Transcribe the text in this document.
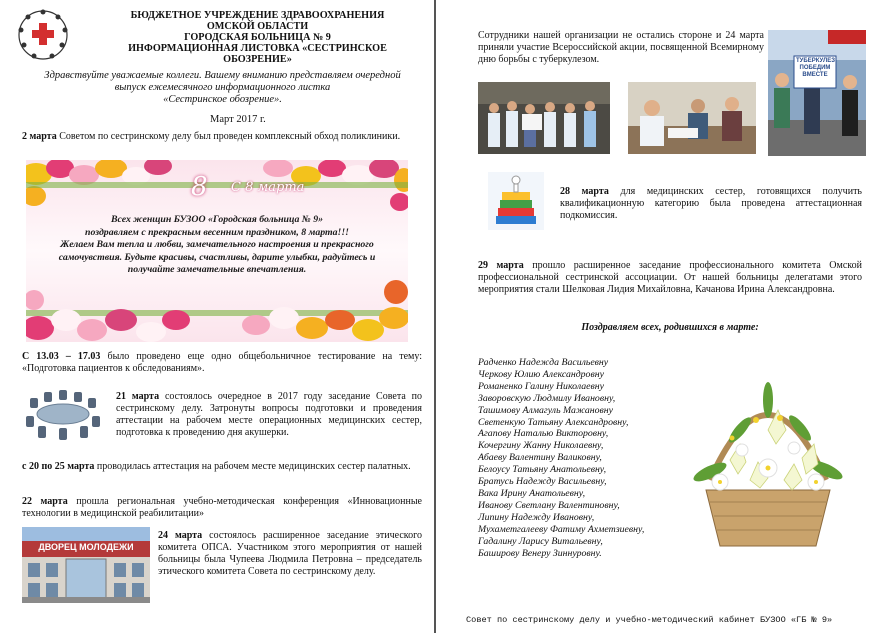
БЮДЖЕТНОЕ УЧРЕЖДЕНИЕ ЗДРАВООХРАНЕНИЯ
ОМСКОЙ ОБЛАСТИ
ГОРОДСКАЯ БОЛЬНИЦА № 9
ИНФОРМАЦИОННАЯ ЛИСТОВКА «СЕСТРИНСКОЕ ОБОЗРЕНИЕ»
Здравствуйте уважаемые коллеги. Вашему вниманию представляем очередной
выпуск ежемесячного информационного листка
«Сестринское обозрение».
Март 2017 г.
2 марта Советом по сестринскому делу был проведен комплексный обход поликлиники.
8 С 8 марта
Всех женщин БУЗОО «Городская больница № 9»
поздравляем с прекрасным весенним праздником, 8 марта!!!
Желаем Вам тепла и любви, замечательного настроения и прекрасного
самочувствия. Будьте красивы, счастливы, дарите улыбки, радуйтесь и
получайте замечательные впечатления.
С 13.03 – 17.03 было проведено еще одно общебольничное тестирование на тему: «Подготовка пациентов к обследованиям».
21 марта состоялось очередное в 2017 году заседание Совета по сестринскому делу. Затронуты вопросы подготовки и проведения аттестации на рабочем месте операционных медицинских сестер, подготовка к проведению дня акушерки.
с 20 по 25 марта проводилась аттестация на рабочем месте медицинских сестер палатных.
22 марта прошла региональная учебно-методическая конференция «Инновационные технологии в медицинской реабилитации»
ДВОРЕЦ МОЛОДЕЖИ
24 марта состоялось расширенное заседание этического комитета ОПСА. Участником этого мероприятия от нашей больницы была Чупеева Людмила Петровна – председатель этического комитета Совета по сестринскому делу.
Сотрудники нашей организации не остались стороне и 24 марта приняли участие Всероссийской акции, посвященной Всемирному дню борьбы с туберкулезом.	ТУБЕРКУЛЕЗ ПОБЕДИМ ВМЕСТЕ
28 марта для медицинских сестер, готовящихся получить квалификационную категорию была проведена аттестационная подкомиссия.
29 марта прошло расширенное заседание профессионального комитета Омской профессиональной сестринской ассоциации. От нашей больницы делегатами этого мероприятия стали Шелковая Лидия Михайловна, Качанова Ирина Александровна.
Поздравляем всех, родившихся в марте:
Радченко Надежда Васильевну
Черкову Юлию Александровну
Романенко Галину Николаевну
Заворовскую Людмилу Ивановну,
Ташимову Алмагуль Мажановну
Светенкую Татьяну Александровну,
Агапову Наталью Викторовну,
Кочергину Жанну Николаевну,
Абаеву Валентину Валиковну,
Белоусу Татьяну Анатольевну,
Братусь Надежду Васильевну,
Вака Ирину Анатольевну,
Иванову Светлану Валентиновну,
Липину Надежду Ивановну,
Мухаметгалееву Фатиму Ахметзиевну,
Гадалину Ларису Витальевну,
Баширову Венеру Зиннуровну.
Совет по сестринскому делу и учебно-методический кабинет БУЗОО «ГБ № 9»
